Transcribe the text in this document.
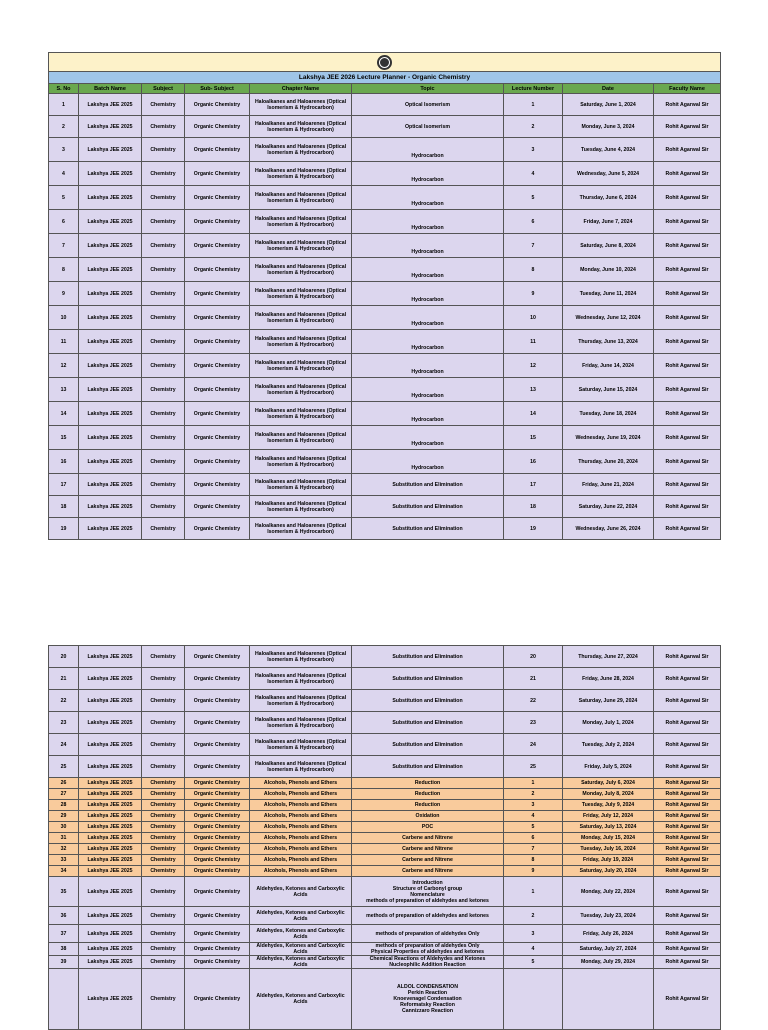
Lakshya JEE 2026 Lecture Planner - Organic Chemistry								
S. No	Batch Name	Subject	Sub- Subject	Chapter Name	Topic	Lecture Number	Date	Faculty Name
1	Lakshya JEE 2025	Chemistry	Organic Chemistry	Haloalkanes and Haloarenes (Optical Isomerism & Hydrocarbon)	Optical Isomerism	1	Saturday, June 1, 2024	Rohit Agarwal Sir
2	Lakshya JEE 2025	Chemistry	Organic Chemistry	Haloalkanes and Haloarenes (Optical Isomerism & Hydrocarbon)	Optical Isomerism	2	Monday, June 3, 2024	Rohit Agarwal Sir
3	Lakshya JEE 2025	Chemistry	Organic Chemistry	Haloalkanes and Haloarenes (Optical Isomerism & Hydrocarbon)	Hydrocarbon	3	Tuesday, June 4, 2024	Rohit Agarwal Sir
4	Lakshya JEE 2025	Chemistry	Organic Chemistry	Haloalkanes and Haloarenes (Optical Isomerism & Hydrocarbon)	Hydrocarbon	4	Wednesday, June 5, 2024	Rohit Agarwal Sir
5	Lakshya JEE 2025	Chemistry	Organic Chemistry	Haloalkanes and Haloarenes (Optical Isomerism & Hydrocarbon)	Hydrocarbon	5	Thursday, June 6, 2024	Rohit Agarwal Sir
6	Lakshya JEE 2025	Chemistry	Organic Chemistry	Haloalkanes and Haloarenes (Optical Isomerism & Hydrocarbon)	Hydrocarbon	6	Friday, June 7, 2024	Rohit Agarwal Sir
7	Lakshya JEE 2025	Chemistry	Organic Chemistry	Haloalkanes and Haloarenes (Optical Isomerism & Hydrocarbon)	Hydrocarbon	7	Saturday, June 8, 2024	Rohit Agarwal Sir
8	Lakshya JEE 2025	Chemistry	Organic Chemistry	Haloalkanes and Haloarenes (Optical Isomerism & Hydrocarbon)	Hydrocarbon	8	Monday, June 10, 2024	Rohit Agarwal Sir
9	Lakshya JEE 2025	Chemistry	Organic Chemistry	Haloalkanes and Haloarenes (Optical Isomerism & Hydrocarbon)	Hydrocarbon	9	Tuesday, June 11, 2024	Rohit Agarwal Sir
10	Lakshya JEE 2025	Chemistry	Organic Chemistry	Haloalkanes and Haloarenes (Optical Isomerism & Hydrocarbon)	Hydrocarbon	10	Wednesday, June 12, 2024	Rohit Agarwal Sir
11	Lakshya JEE 2025	Chemistry	Organic Chemistry	Haloalkanes and Haloarenes (Optical Isomerism & Hydrocarbon)	Hydrocarbon	11	Thursday, June 13, 2024	Rohit Agarwal Sir
12	Lakshya JEE 2025	Chemistry	Organic Chemistry	Haloalkanes and Haloarenes (Optical Isomerism & Hydrocarbon)	Hydrocarbon	12	Friday, June 14, 2024	Rohit Agarwal Sir
13	Lakshya JEE 2025	Chemistry	Organic Chemistry	Haloalkanes and Haloarenes (Optical Isomerism & Hydrocarbon)	Hydrocarbon	13	Saturday, June 15, 2024	Rohit Agarwal Sir
14	Lakshya JEE 2025	Chemistry	Organic Chemistry	Haloalkanes and Haloarenes (Optical Isomerism & Hydrocarbon)	Hydrocarbon	14	Tuesday, June 18, 2024	Rohit Agarwal Sir
15	Lakshya JEE 2025	Chemistry	Organic Chemistry	Haloalkanes and Haloarenes (Optical Isomerism & Hydrocarbon)	Hydrocarbon	15	Wednesday, June 19, 2024	Rohit Agarwal Sir
16	Lakshya JEE 2025	Chemistry	Organic Chemistry	Haloalkanes and Haloarenes (Optical Isomerism & Hydrocarbon)	Hydrocarbon	16	Thursday, June 20, 2024	Rohit Agarwal Sir
17	Lakshya JEE 2025	Chemistry	Organic Chemistry	Haloalkanes and Haloarenes (Optical Isomerism & Hydrocarbon)	Substitution and Elimination	17	Friday, June 21, 2024	Rohit Agarwal Sir
18	Lakshya JEE 2025	Chemistry	Organic Chemistry	Haloalkanes and Haloarenes (Optical Isomerism & Hydrocarbon)	Substitution and Elimination	18	Saturday, June 22, 2024	Rohit Agarwal Sir
19	Lakshya JEE 2025	Chemistry	Organic Chemistry	Haloalkanes and Haloarenes (Optical Isomerism & Hydrocarbon)	Substitution and Elimination	19	Wednesday, June 26, 2024	Rohit Agarwal Sir
20	Lakshya JEE 2025	Chemistry	Organic Chemistry	Haloalkanes and Haloarenes (Optical Isomerism & Hydrocarbon)	Substitution and Elimination	20	Thursday, June 27, 2024	Rohit Agarwal Sir
21	Lakshya JEE 2025	Chemistry	Organic Chemistry	Haloalkanes and Haloarenes (Optical Isomerism & Hydrocarbon)	Substitution and Elimination	21	Friday, June 28, 2024	Rohit Agarwal Sir
22	Lakshya JEE 2025	Chemistry	Organic Chemistry	Haloalkanes and Haloarenes (Optical Isomerism & Hydrocarbon)	Substitution and Elimination	22	Saturday, June 29, 2024	Rohit Agarwal Sir
23	Lakshya JEE 2025	Chemistry	Organic Chemistry	Haloalkanes and Haloarenes (Optical Isomerism & Hydrocarbon)	Substitution and Elimination	23	Monday, July 1, 2024	Rohit Agarwal Sir
24	Lakshya JEE 2025	Chemistry	Organic Chemistry	Haloalkanes and Haloarenes (Optical Isomerism & Hydrocarbon)	Substitution and Elimination	24	Tuesday, July 2, 2024	Rohit Agarwal Sir
25	Lakshya JEE 2025	Chemistry	Organic Chemistry	Haloalkanes and Haloarenes (Optical Isomerism & Hydrocarbon)	Substitution and Elimination	25	Friday, July 5, 2024	Rohit Agarwal Sir
26	Lakshya JEE 2025	Chemistry	Organic Chemistry	Alcohols, Phenols and Ethers	Reduction	1	Saturday, July 6, 2024	Rohit Agarwal Sir
27	Lakshya JEE 2025	Chemistry	Organic Chemistry	Alcohols, Phenols and Ethers	Reduction	2	Monday, July 8, 2024	Rohit Agarwal Sir
28	Lakshya JEE 2025	Chemistry	Organic Chemistry	Alcohols, Phenols and Ethers	Reduction	3	Tuesday, July 9, 2024	Rohit Agarwal Sir
29	Lakshya JEE 2025	Chemistry	Organic Chemistry	Alcohols, Phenols and Ethers	Oxidation	4	Friday, July 12, 2024	Rohit Agarwal Sir
30	Lakshya JEE 2025	Chemistry	Organic Chemistry	Alcohols, Phenols and Ethers	POC	5	Saturday, July 13, 2024	Rohit Agarwal Sir
31	Lakshya JEE 2025	Chemistry	Organic Chemistry	Alcohols, Phenols and Ethers	Carbene and Nitrene	6	Monday, July 15, 2024	Rohit Agarwal Sir
32	Lakshya JEE 2025	Chemistry	Organic Chemistry	Alcohols, Phenols and Ethers	Carbene and Nitrene	7	Tuesday, July 16, 2024	Rohit Agarwal Sir
33	Lakshya JEE 2025	Chemistry	Organic Chemistry	Alcohols, Phenols and Ethers	Carbene and Nitrene	8	Friday, July 19, 2024	Rohit Agarwal Sir
34	Lakshya JEE 2025	Chemistry	Organic Chemistry	Alcohols, Phenols and Ethers	Carbene and Nitrene	9	Saturday, July 20, 2024	Rohit Agarwal Sir
35	Lakshya JEE 2025	Chemistry	Organic Chemistry	Aldehydes, Ketones and Carboxylic Acids	Introduction
Structure of Carbonyl group
Nomenclature
methods of preparation of aldehydes and ketones	1	Monday, July 22, 2024	Rohit Agarwal Sir
36	Lakshya JEE 2025	Chemistry	Organic Chemistry	Aldehydes, Ketones and Carboxylic Acids	methods of preparation of aldehydes and ketones	2	Tuesday, July 23, 2024	Rohit Agarwal Sir
37	Lakshya JEE 2025	Chemistry	Organic Chemistry	Aldehydes, Ketones and Carboxylic Acids	methods of preparation of aldehydes Only	3	Friday, July 26, 2024	Rohit Agarwal Sir
38	Lakshya JEE 2025	Chemistry	Organic Chemistry	Aldehydes, Ketones and Carboxylic Acids	methods of preparation of aldehydes Only
Physical Properties of aldehydes and ketones	4	Saturday, July 27, 2024	Rohit Agarwal Sir
39	Lakshya JEE 2025	Chemistry	Organic Chemistry	Aldehydes, Ketones and Carboxylic Acids	Chemical Reactions of Aldehydes and Ketones
Nucleophilic Addition Reaction	5	Monday, July 29, 2024	Rohit Agarwal Sir
	Lakshya JEE 2025	Chemistry	Organic Chemistry	Aldehydes, Ketones and Carboxylic Acids	ALDOL CONDENSATION
Perkin Reaction
Knoevenagel Condensation
Reformatsky Reaction
Cannizzaro Reaction			Rohit Agarwal Sir
